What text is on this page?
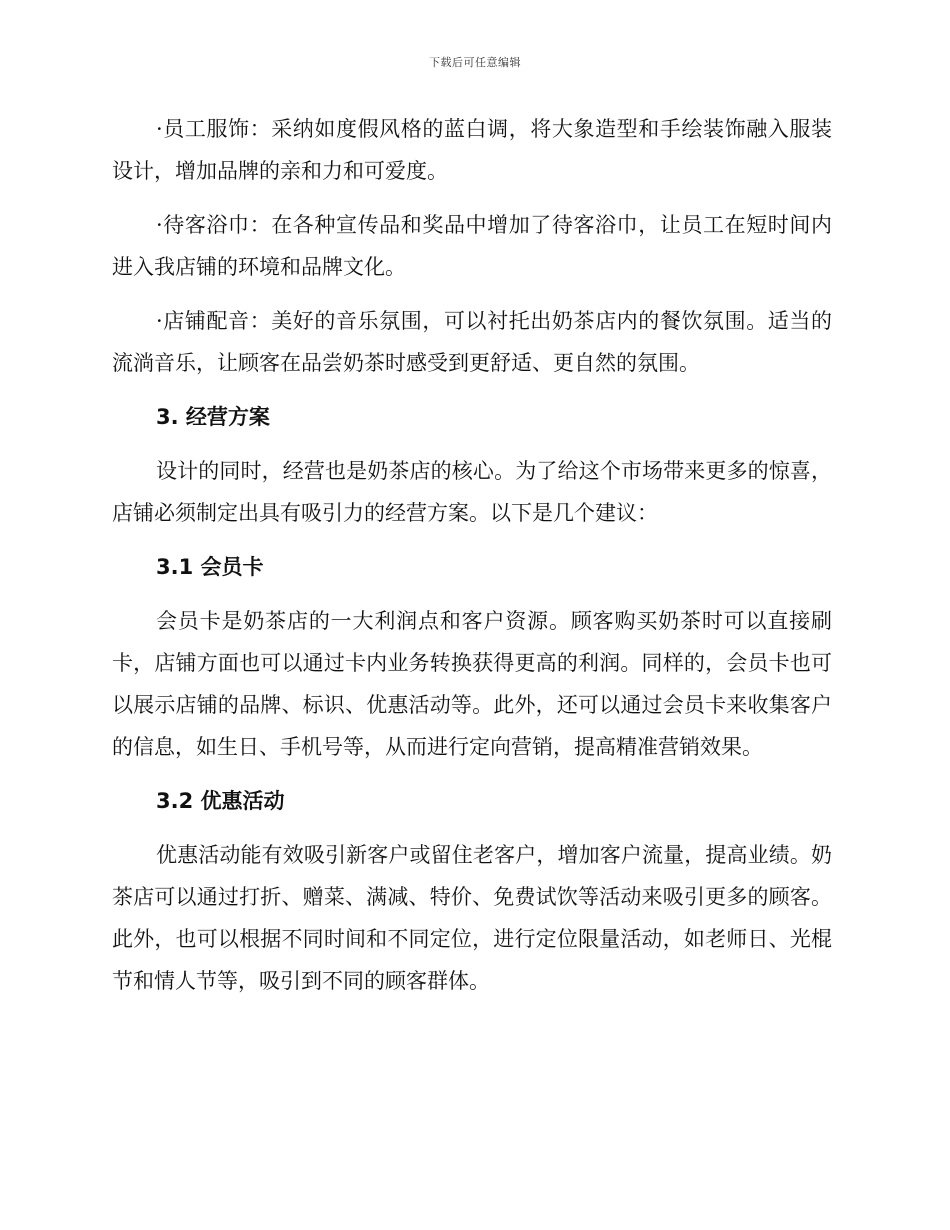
下载后可任意编辑

·员工服饰：采纳如度假风格的蓝白调，将大象造型和手绘装饰融入服装设计，增加品牌的亲和力和可爱度。

·待客浴巾：在各种宣传品和奖品中增加了待客浴巾，让员工在短时间内进入我店铺的环境和品牌文化。

·店铺配音：美好的音乐氛围，可以衬托出奶茶店内的餐饮氛围。适当的流淌音乐，让顾客在品尝奶茶时感受到更舒适、更自然的氛围。

3. 经营方案

设计的同时，经营也是奶茶店的核心。为了给这个市场带来更多的惊喜，店铺必须制定出具有吸引力的经营方案。以下是几个建议：

3.1 会员卡

会员卡是奶茶店的一大利润点和客户资源。顾客购买奶茶时可以直接刷卡，店铺方面也可以通过卡内业务转换获得更高的利润。同样的，会员卡也可以展示店铺的品牌、标识、优惠活动等。此外，还可以通过会员卡来收集客户的信息，如生日、手机号等，从而进行定向营销，提高精准营销效果。

3.2 优惠活动

优惠活动能有效吸引新客户或留住老客户，增加客户流量，提高业绩。奶茶店可以通过打折、赠菜、满减、特价、免费试饮等活动来吸引更多的顾客。此外，也可以根据不同时间和不同定位，进行定位限量活动，如老师日、光棍节和情人节等，吸引到不同的顾客群体。
